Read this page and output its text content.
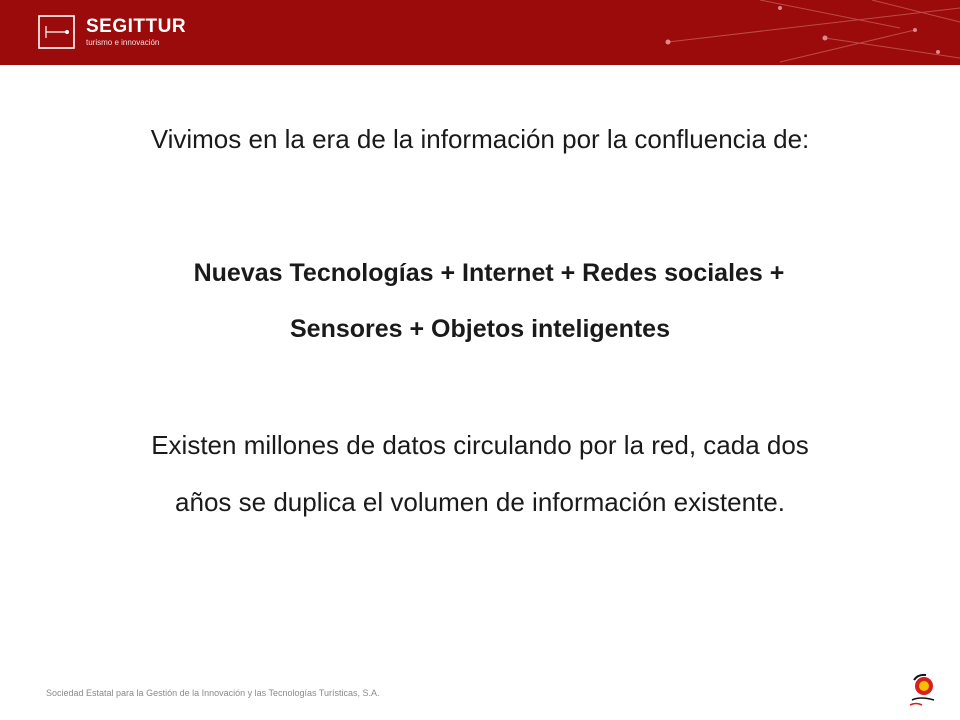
SEGITTUR
turismo e innovación
Vivimos en la era de la información por la confluencia de:
Nuevas Tecnologías + Internet + Redes sociales +
Sensores + Objetos inteligentes
Existen millones de datos circulando por la red, cada dos
años se duplica el volumen de información existente.
Sociedad Estatal para la Gestión de la Innovación y las Tecnologías Turísticas, S.A.
